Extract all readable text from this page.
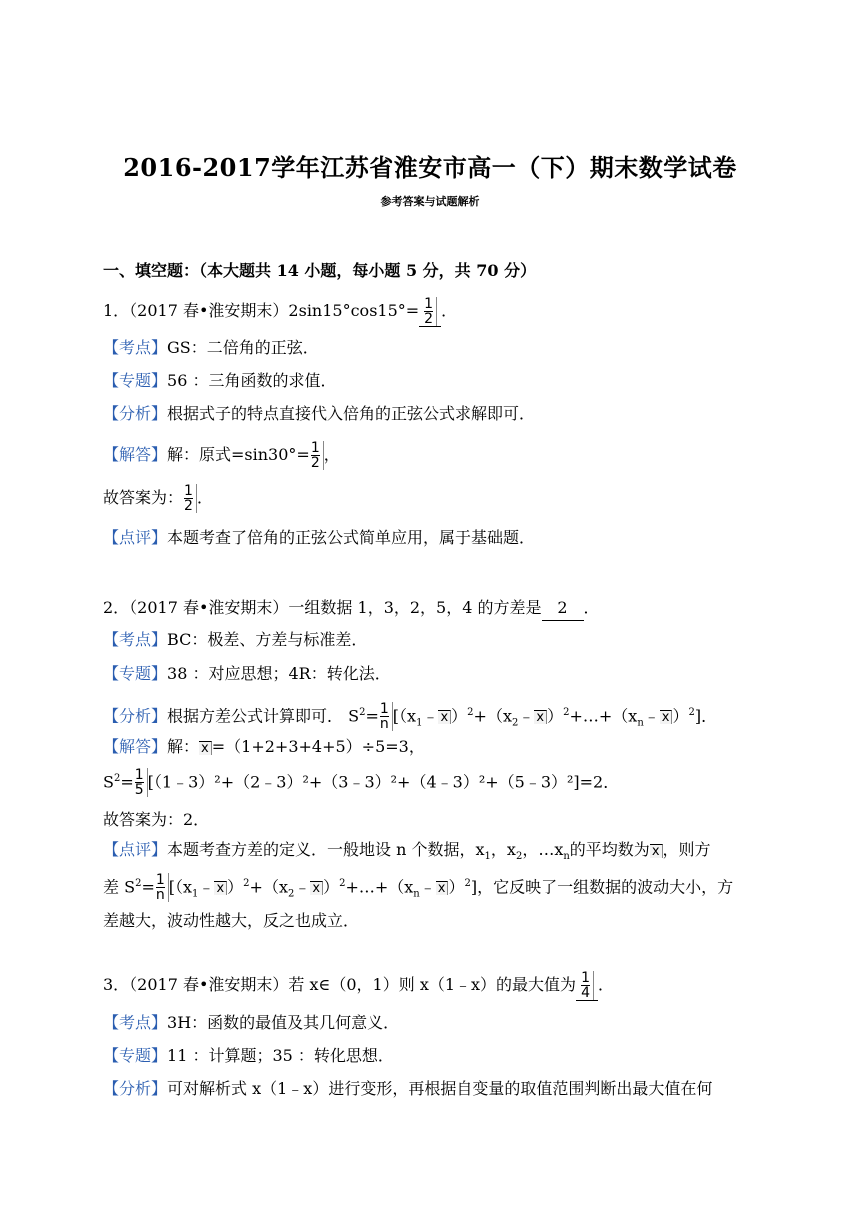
2016-2017学年江苏省淮安市高一（下）期末数学试卷
参考答案与试题解析
一、填空题：（本大题共 14 小题，每小题 5 分，共 70 分）
1．（2017 春•淮安期末）$2\sin 15^\circ\cos 15^\circ= \frac{1}{2}$ ．
【考点】GS：二倍角的正弦．
【专题】56 ：三角函数的求值．
【分析】根据式子的特点直接代入倍角的正弦公式求解即可．
【解答】解：原式$=\sin 30^\circ= \frac{1}{2}$ ，
故答案为： $\frac{1}{2}$ ．
【点评】本题考查了倍角的正弦公式简单应用，属于基础题．
2．（2017 春•淮安期末）一组数据 1，3，2，5，4 的方差是 2 ．
【考点】BC：极差、方差与标准差．
【专题】38 ：对应思想；4R：转化法．
【分析】根据方差公式计算即可． $S^2= \frac{1}{n}$ [（$x_1﹣$ x ）$^2+(x_2﹣$ x ）$^2+\dots+(x_n﹣$ x ）$^2$]．
【解答】解： x =（1+2+3+4+5）÷5=3，
$S^2= \frac{1}{5}$ [（1﹣3）²+（2﹣3）²+（3﹣3）²+（4﹣3）²+（5﹣3）²]=2．
故答案为：2．
【点评】本题考查方差的定义．一般地设 n 个数据，$x_1$，$x_2$，$\dots x_n$的平均数为 x ，则方
差 $S^2= \frac{1}{n}$ [（$x_1﹣$ x ）$^2+(x_2﹣$ x ）$^2+\dots+(x_n﹣$ x ）$^2$]，它反映了一组数据的波动大小，方
差越大，波动性越大，反之也成立．
3．（2017 春•淮安期末）若 x∈（0，1）则 x（1﹣x）的最大值为 $\frac{1}{4}$ ．
【考点】3H：函数的最值及其几何意义．
【专题】11 ：计算题；35 ：转化思想．
【分析】可对解析式 x（1﹣x）进行变形，再根据自变量的取值范围判断出最大值在何
